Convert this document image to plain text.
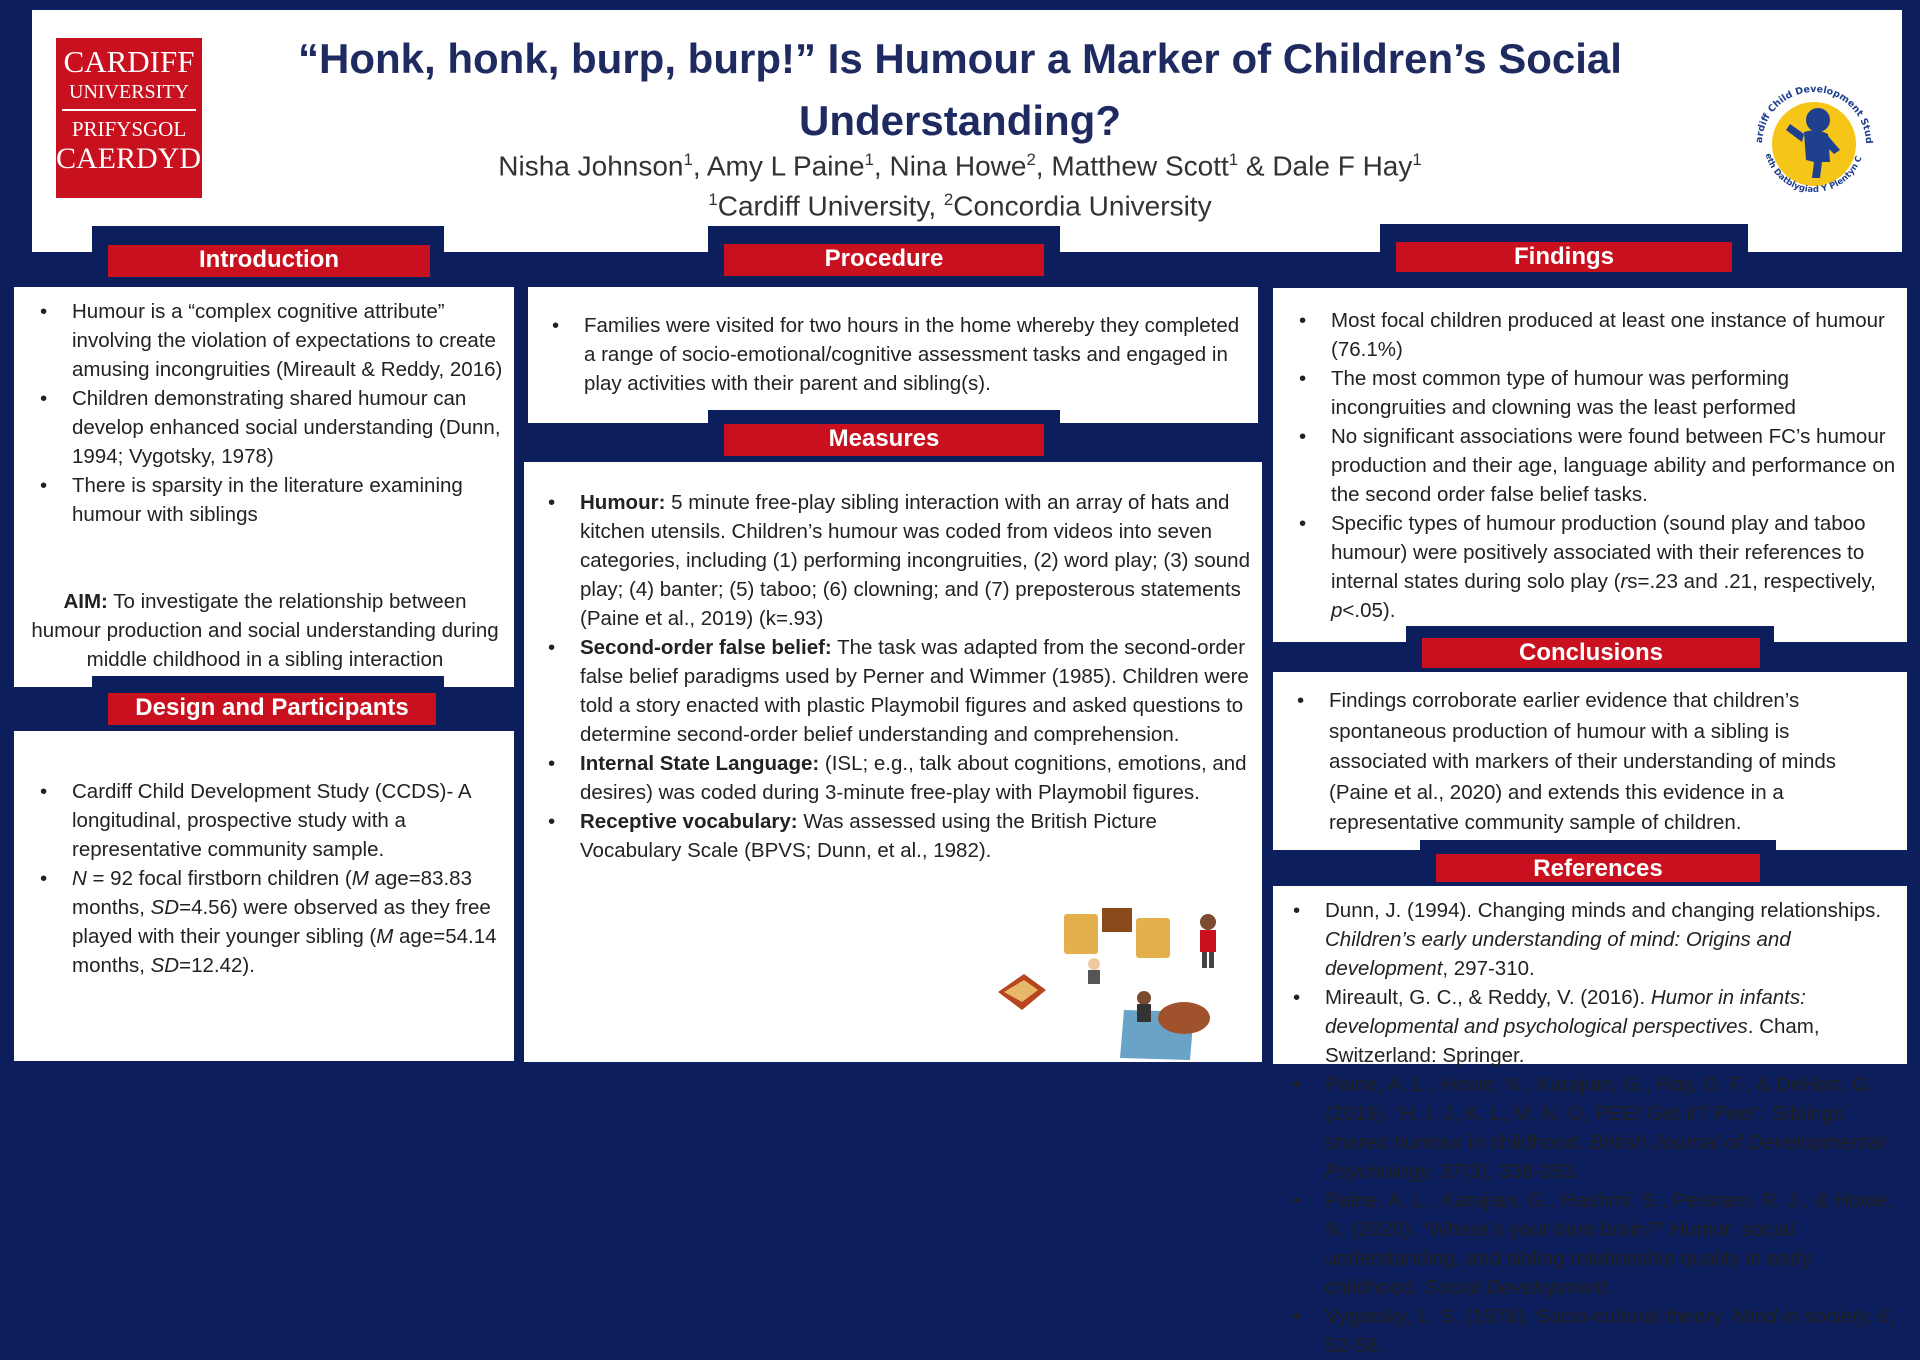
CARDIFF
UNIVERSITY
PRIFYSGOL
CAERDYDD
Cardiff Child Development Stud
eth Datblygiad Y Plentyn C
“Honk, honk, burp, burp!” Is Humour a Marker of Children’s Social
Understanding?
Nisha Johnson$^1$, Amy L Paine$^1$, Nina Howe$^2$, Matthew Scott$^1$ & Dale F Hay$^1$
$^1$Cardiff University, $^2$Concordia University
• Humour is a “complex cognitive attribute” involving the violation of expectations to create amusing incongruities (Mireault & Reddy, 2016)
• Children demonstrating shared humour can develop enhanced social understanding (Dunn, 1994; Vygotsky, 1978)
• There is sparsity in the literature examining humour with siblings
AIM: To investigate the relationship between humour production and social understanding during middle childhood in a sibling interaction
Introduction
• Cardiff Child Development Study (CCDS)- A longitudinal, prospective study with a representative community sample.
• N = 92 focal firstborn children (M age=83.83 months, SD=4.56) were observed as they free played with their younger sibling (M age=54.14 months, SD=12.42).
Design and Participants
• Families were visited for two hours in the home whereby they completed a range of socio-emotional/cognitive assessment tasks and engaged in play activities with their parent and sibling(s).
Procedure
• Humour: 5 minute free-play sibling interaction with an array of hats and kitchen utensils. Children’s humour was coded from videos into seven categories, including (1) performing incongruities, (2) word play; (3) sound play; (4) banter; (5) taboo; (6) clowning; and (7) preposterous statements (Paine et al., 2019) (k=.93)
• Second-order false belief: The task was adapted from the second-order false belief paradigms used by Perner and Wimmer (1985). Children were told a story enacted with plastic Playmobil figures and asked questions to determine second-order belief understanding and comprehension.
• Internal State Language: (ISL; e.g., talk about cognitions, emotions, and desires) was coded during 3-minute free-play with Playmobil figures.
• Receptive vocabulary: Was assessed using the British Picture Vocabulary Scale (BPVS; Dunn, et al., 1982).
Measures
• Most focal children produced at least one instance of humour (76.1%)
• The most common type of humour was performing incongruities and clowning was the least performed
• No significant associations were found between FC’s humour production and their age, language ability and performance on the second order false belief tasks.
• Specific types of humour production (sound play and taboo humour) were positively associated with their references to internal states during solo play (rs=.23 and .21, respectively, p<.05).
Findings
• Findings corroborate earlier evidence that children’s spontaneous production of humour with a sibling is associated with markers of their understanding of minds (Paine et al., 2020) and extends this evidence in a representative community sample of children.
Conclusions
• Dunn, J. (1994). Changing minds and changing relationships. Children’s early understanding of mind: Origins and development, 297-310.
• Mireault, G. C., & Reddy, V. (2016). Humor in infants: developmental and psychological perspectives. Cham, Switzerland: Springer.
• Paine, A. L., Howe, N., Karajian, G., Hay, D. F., & DeHart, G. (2019). ‘H, I, J, K, L, M, N, O, PEE! Get it? Pee!’: Siblings’ shared humour in childhood. British Journal of Developmental Psychology, 37(3), 336-353.
• Paine, A. L., Karajian, G., Hashmi, S., Persram, R. J., & Howe, N. (2020). “Where’s your bum brain?” Humor, social understanding, and sibling relationship quality in early childhood. Social Development.
• Vygotsky, L. S. (1978). Socio-cultural theory. Mind in society, 6, 52-58.
References
